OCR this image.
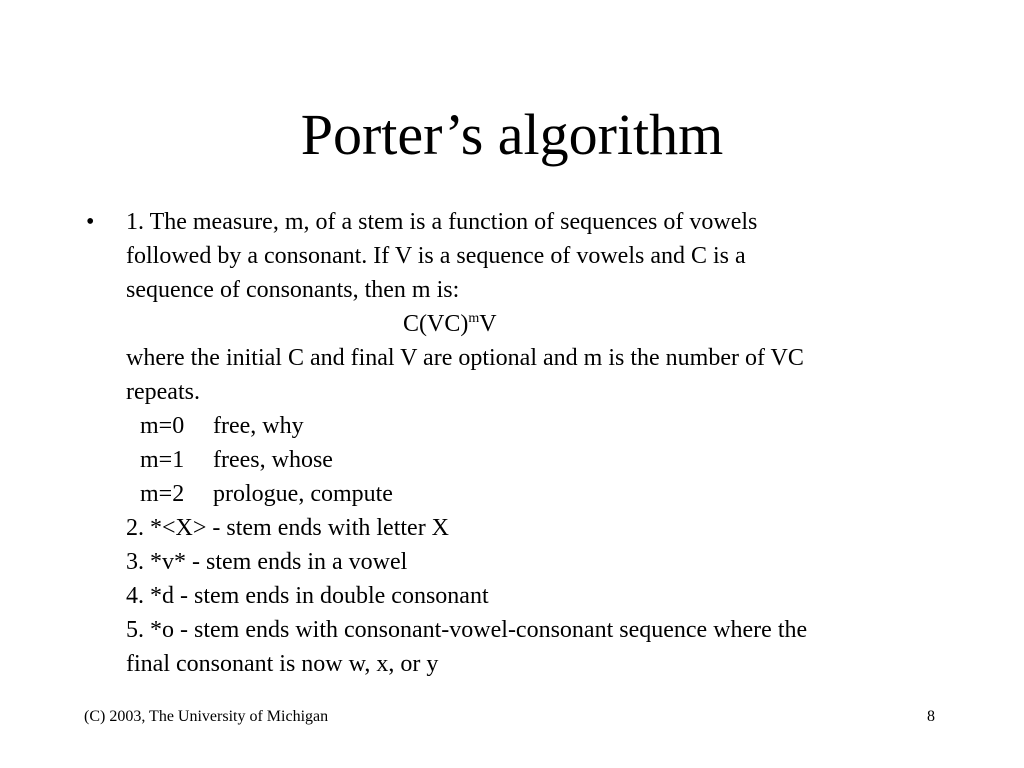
Porter’s algorithm
•	1. The measure, m, of a stem is a function of sequences of vowels
followed by a consonant. If V is a sequence of vowels and C is a
sequence of consonants, then m is:
C(VC)$^m$V
where the initial C and final V are optional and m is the number of VC
repeats.
m=0 free, why
m=1 frees, whose
m=2 prologue, compute
2. *<X> - stem ends with letter X
3. *v* - stem ends in a vowel
4. *d - stem ends in double consonant
5. *o - stem ends with consonant-vowel-consonant sequence where the
final consonant is now w, x, or y
(C) 2003, The University of Michigan	8
